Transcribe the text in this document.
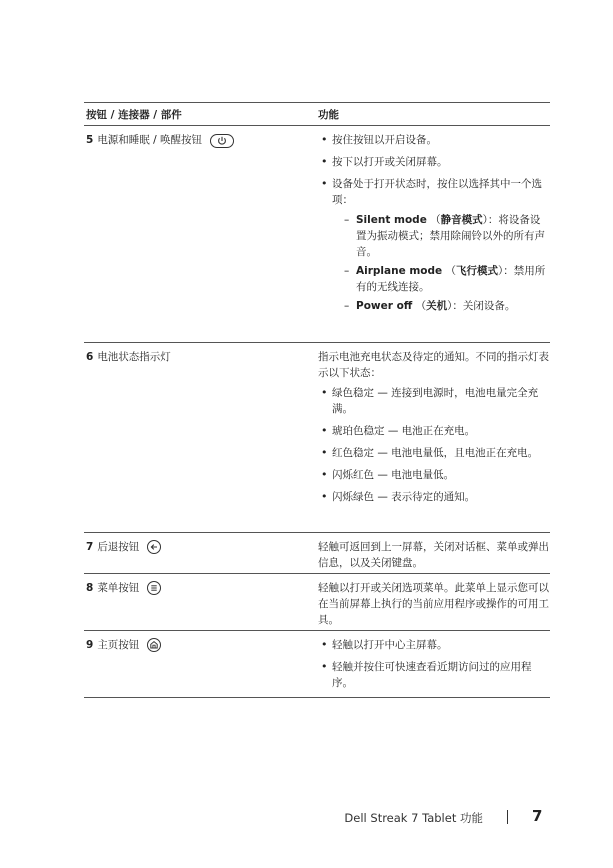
按钮 / 连接器 / 部件	功能
5 电源和睡眠 / 唤醒按钮	• 按住按钮以开启设备。
• 按下以打开或关闭屏幕。
• 设备处于打开状态时，按住以选择其中一个选项：
– Silent mode （静音模式）：将设备设置为振动模式；禁用除闹铃以外的所有声音。
– Airplane mode （飞行模式）：禁用所有的无线连接。
– Power off （关机）：关闭设备。
6 电池状态指示灯	指示电池充电状态及待定的通知。不同的指示灯表示以下状态：
• 绿色稳定 — 连接到电源时，电池电量完全充满。
• 琥珀色稳定 — 电池正在充电。
• 红色稳定 — 电池电量低，且电池正在充电。
• 闪烁红色 — 电池电量低。
• 闪烁绿色 — 表示待定的通知。
7 后退按钮	轻触可返回到上一屏幕，关闭对话框、菜单或弹出信息，以及关闭键盘。
8 菜单按钮	轻触以打开或关闭选项菜单。此菜单上显示您可以在当前屏幕上执行的当前应用程序或操作的可用工具。
9 主页按钮	• 轻触以打开中心主屏幕。
• 轻触并按住可快速查看近期访问过的应用程序。
Dell Streak 7 Tablet 功能	7
